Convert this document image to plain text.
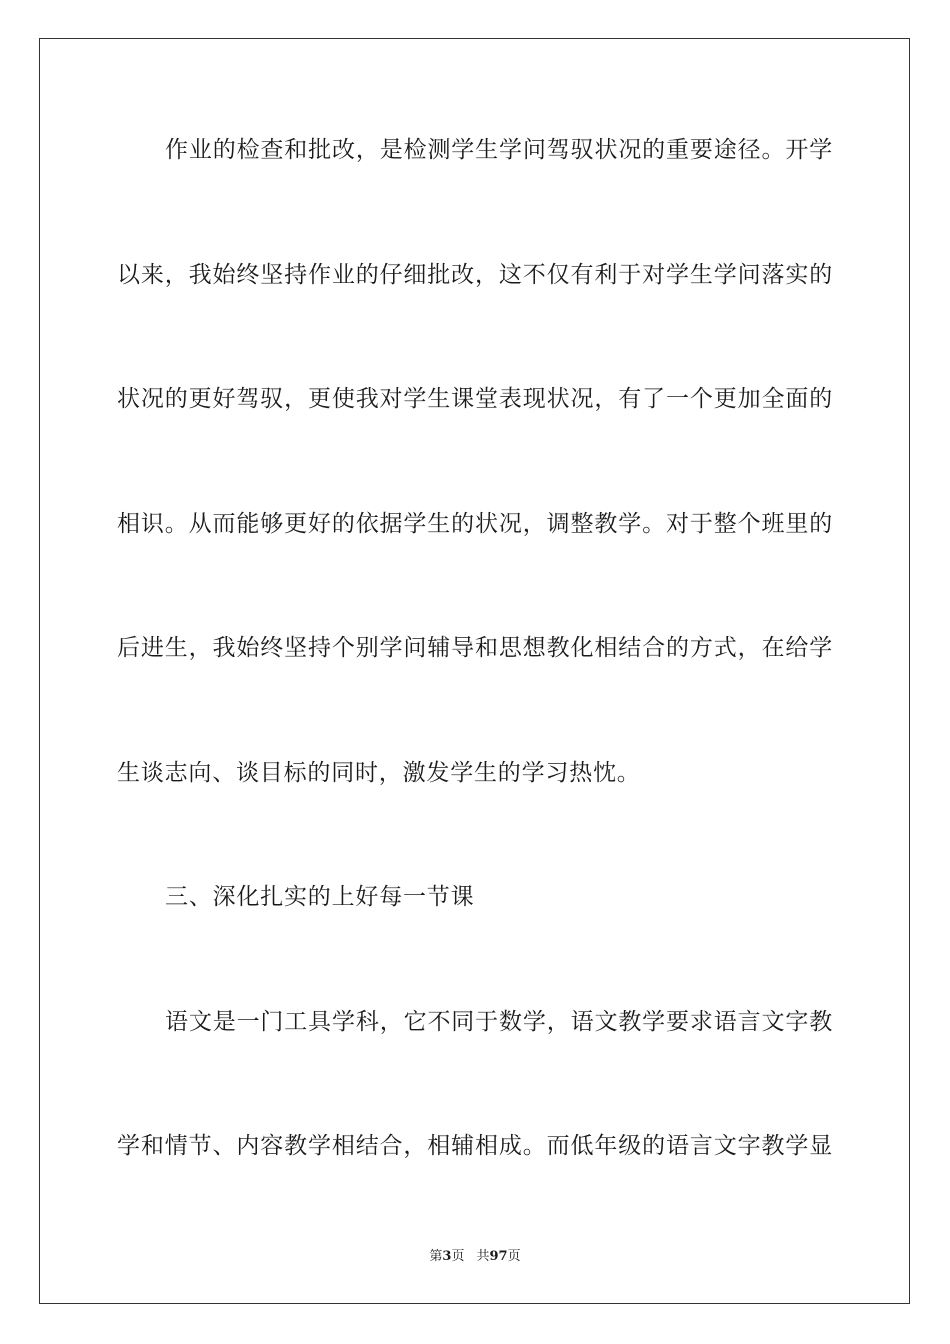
作业的检查和批改，是检测学生学问驾驭状况的重要途径。开学
以来，我始终坚持作业的仔细批改，这不仅有利于对学生学问落实的
状况的更好驾驭，更使我对学生课堂表现状况，有了一个更加全面的
相识。从而能够更好的依据学生的状况，调整教学。对于整个班里的
后进生，我始终坚持个别学问辅导和思想教化相结合的方式，在给学
生谈志向、谈目标的同时，激发学生的学习热忱。
三、深化扎实的上好每一节课
语文是一门工具学科，它不同于数学，语文教学要求语言文字教
学和情节、内容教学相结合，相辅相成。而低年级的语言文字教学显
第3页 共97页
